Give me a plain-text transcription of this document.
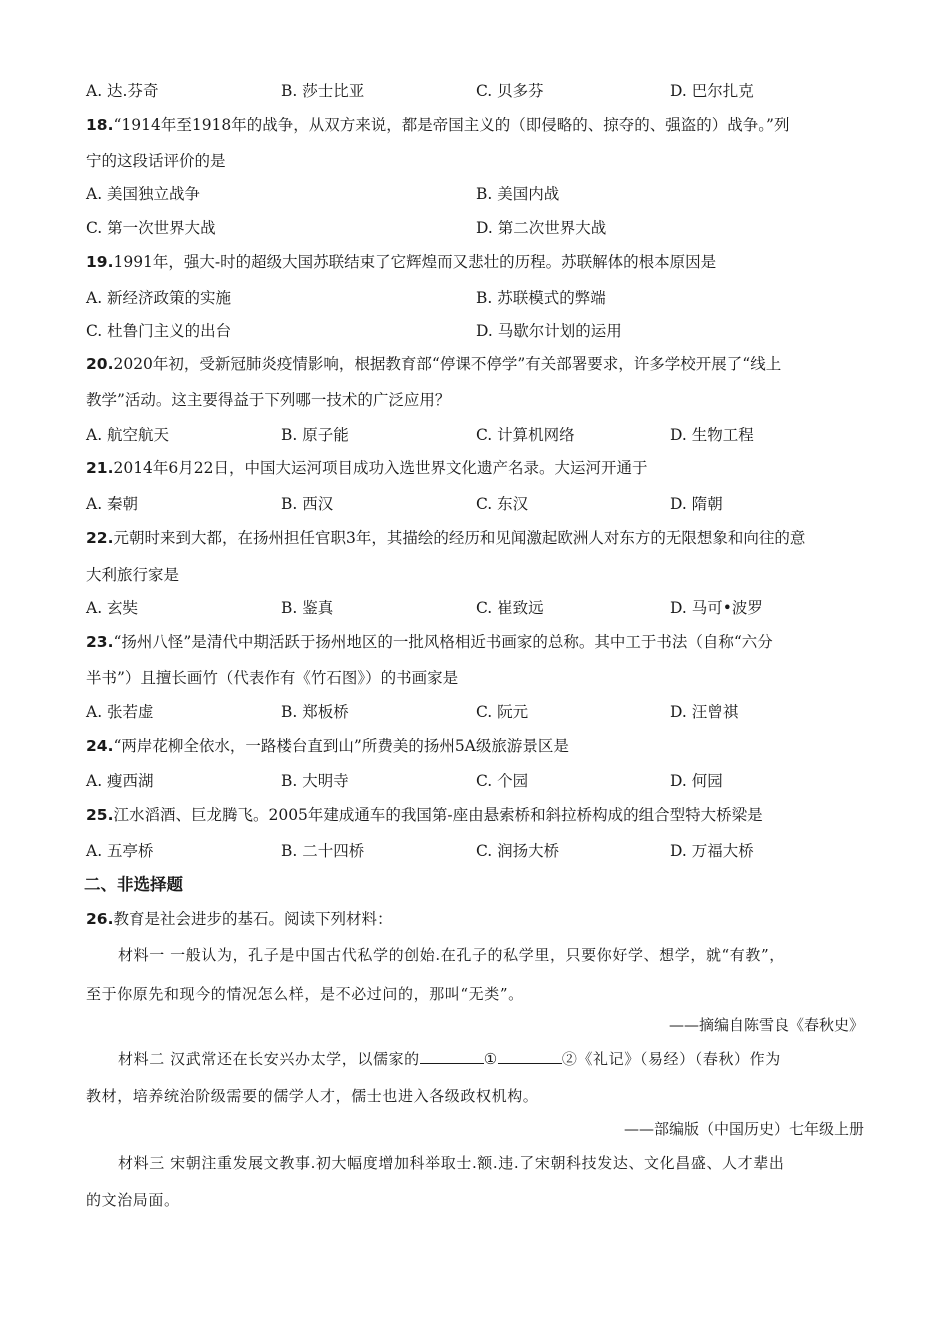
A. 达.芬奇	B. 莎士比亚	C. 贝多芬	D. 巴尔扎克
18.“1914年至1918年的战争，从双方来说，都是帝国主义的（即侵略的、掠夺的、强盗的）战争。”列
宁的这段话评价的是
A. 美国独立战争	B. 美国内战
C. 第一次世界大战	D. 第二次世界大战
19.1991年，强大-时的超级大国苏联结束了它辉煌而又悲壮的历程。苏联解体的根本原因是
A. 新经济政策的实施	B. 苏联模式的弊端
C. 杜鲁门主义的出台	D. 马歇尔计划的运用
20.2020年初，受新冠肺炎疫情影响，根据教育部“停课不停学”有关部署要求，许多学校开展了“线上
教学”活动。这主要得益于下列哪一技术的广泛应用？
A. 航空航天	B. 原子能	C. 计算机网络	D. 生物工程
21.2014年6月22日，中国大运河项目成功入选世界文化遗产名录。大运河开通于
A. 秦朝	B. 西汉	C. 东汉	D. 隋朝
22.元朝时来到大都，在扬州担任官职3年，其描绘的经历和见闻激起欧洲人对东方的无限想象和向往的意
大利旅行家是
A. 玄奘	B. 鉴真	C. 崔致远	D. 马可•波罗
23.“扬州八怪”是清代中期活跃于扬州地区的一批风格相近书画家的总称。其中工于书法（自称“六分
半书”）且擅长画竹（代表作有《竹石图》）的书画家是
A. 张若虚	B. 郑板桥	C. 阮元	D. 汪曾祺
24.“两岸花柳全依水，一路楼台直到山”所费美的扬州5A级旅游景区是
A. 瘦西湖	B. 大明寺	C. 个园	D. 何园
25.江水滔酒、巨龙腾飞。2005年建成通车的我国第-座由悬索桥和斜拉桥构成的组合型特大桥梁是
A. 五亭桥	B. 二十四桥	C. 润扬大桥	D. 万福大桥
二、非选择题
26.教育是社会进步的基石。阅读下列材料：
材料一 一般认为，孔子是中国古代私学的创始.在孔子的私学里，只要你好学、想学，就“有教”，
至于你原先和现今的情况怎么样，是不必过问的，那叫“无类”。
——摘编自陈雪良《春秋史》
材料二 汉武常还在长安兴办太学，以儒家的	①	②《礼记》（易经）（春秋）作为
教材，培养统治阶级需要的儒学人才，儒士也进入各级政权机构。
——部编版（中国历史）七年级上册
材料三 宋朝注重发展文教事.初大幅度增加科举取士.额.违.了宋朝科技发达、文化昌盛、人才辈出
的文治局面。
